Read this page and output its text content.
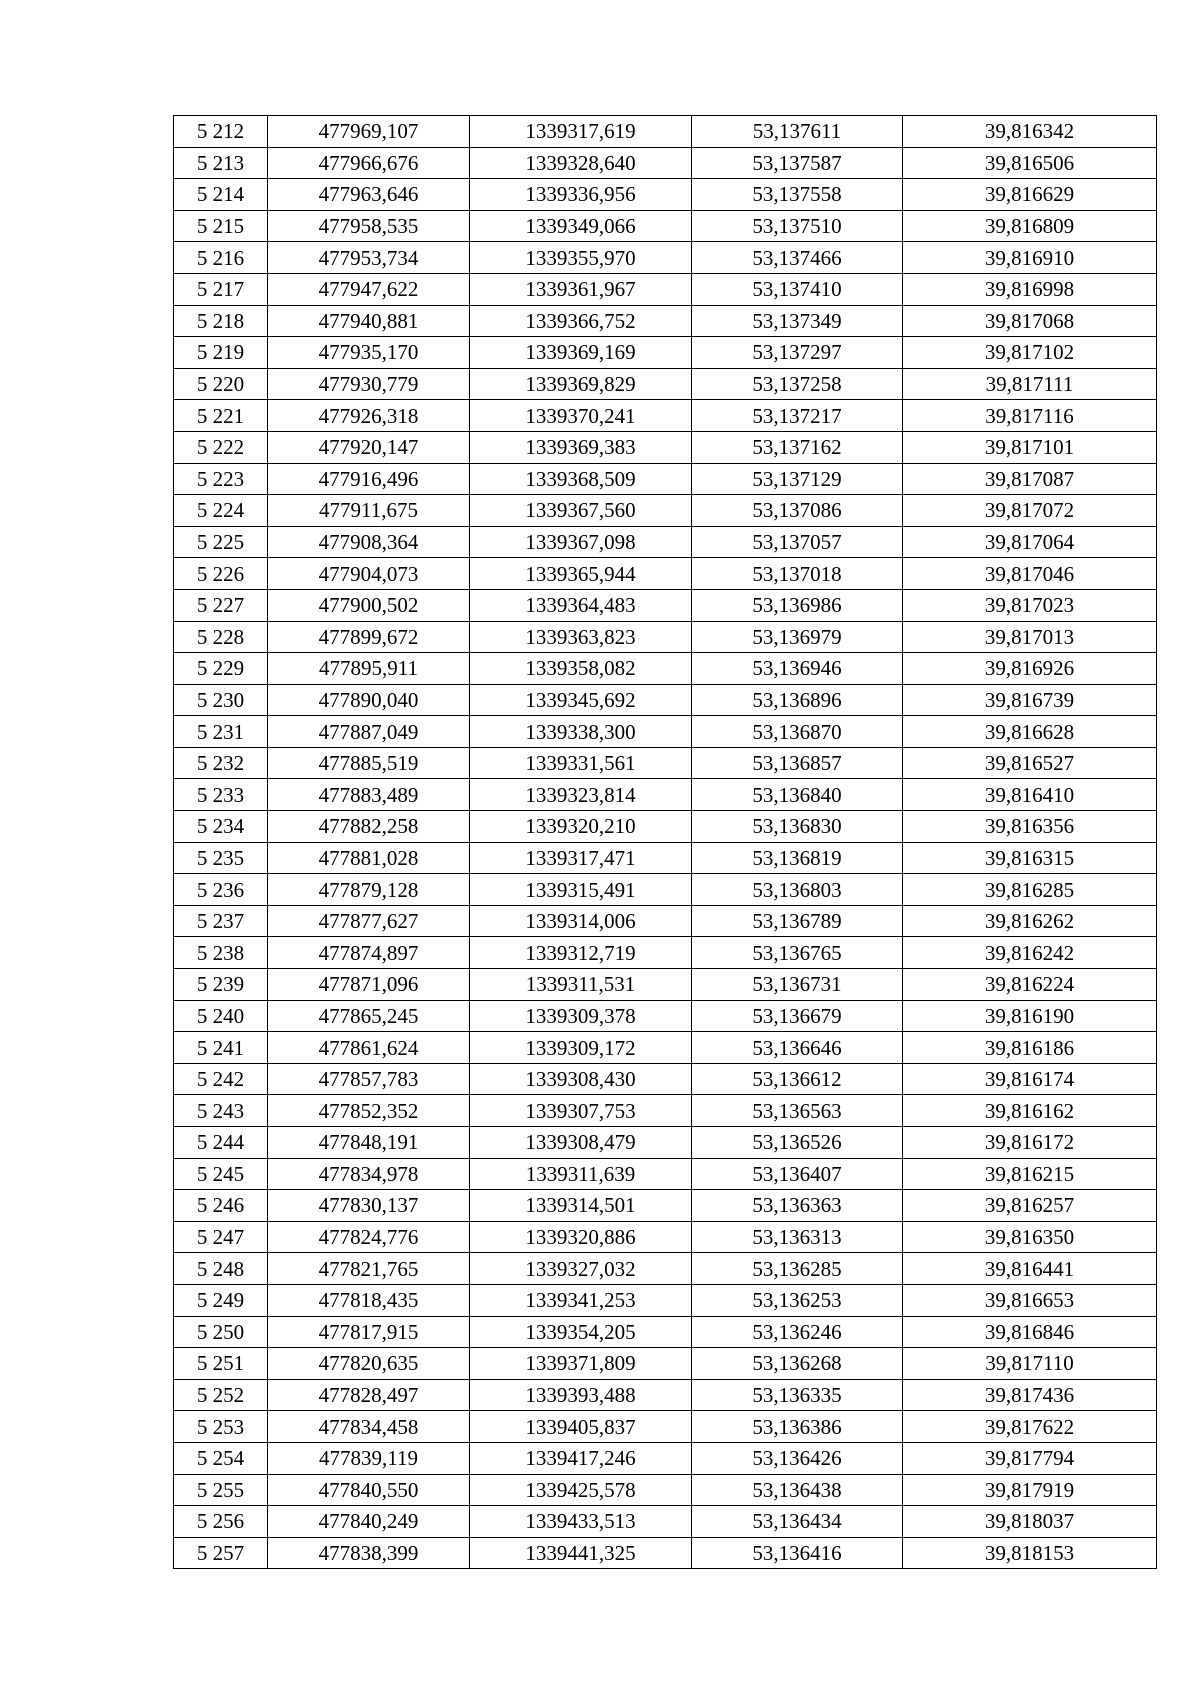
5 212	477969,107	1339317,619	53,137611	39,816342
5 213	477966,676	1339328,640	53,137587	39,816506
5 214	477963,646	1339336,956	53,137558	39,816629
5 215	477958,535	1339349,066	53,137510	39,816809
5 216	477953,734	1339355,970	53,137466	39,816910
5 217	477947,622	1339361,967	53,137410	39,816998
5 218	477940,881	1339366,752	53,137349	39,817068
5 219	477935,170	1339369,169	53,137297	39,817102
5 220	477930,779	1339369,829	53,137258	39,817111
5 221	477926,318	1339370,241	53,137217	39,817116
5 222	477920,147	1339369,383	53,137162	39,817101
5 223	477916,496	1339368,509	53,137129	39,817087
5 224	477911,675	1339367,560	53,137086	39,817072
5 225	477908,364	1339367,098	53,137057	39,817064
5 226	477904,073	1339365,944	53,137018	39,817046
5 227	477900,502	1339364,483	53,136986	39,817023
5 228	477899,672	1339363,823	53,136979	39,817013
5 229	477895,911	1339358,082	53,136946	39,816926
5 230	477890,040	1339345,692	53,136896	39,816739
5 231	477887,049	1339338,300	53,136870	39,816628
5 232	477885,519	1339331,561	53,136857	39,816527
5 233	477883,489	1339323,814	53,136840	39,816410
5 234	477882,258	1339320,210	53,136830	39,816356
5 235	477881,028	1339317,471	53,136819	39,816315
5 236	477879,128	1339315,491	53,136803	39,816285
5 237	477877,627	1339314,006	53,136789	39,816262
5 238	477874,897	1339312,719	53,136765	39,816242
5 239	477871,096	1339311,531	53,136731	39,816224
5 240	477865,245	1339309,378	53,136679	39,816190
5 241	477861,624	1339309,172	53,136646	39,816186
5 242	477857,783	1339308,430	53,136612	39,816174
5 243	477852,352	1339307,753	53,136563	39,816162
5 244	477848,191	1339308,479	53,136526	39,816172
5 245	477834,978	1339311,639	53,136407	39,816215
5 246	477830,137	1339314,501	53,136363	39,816257
5 247	477824,776	1339320,886	53,136313	39,816350
5 248	477821,765	1339327,032	53,136285	39,816441
5 249	477818,435	1339341,253	53,136253	39,816653
5 250	477817,915	1339354,205	53,136246	39,816846
5 251	477820,635	1339371,809	53,136268	39,817110
5 252	477828,497	1339393,488	53,136335	39,817436
5 253	477834,458	1339405,837	53,136386	39,817622
5 254	477839,119	1339417,246	53,136426	39,817794
5 255	477840,550	1339425,578	53,136438	39,817919
5 256	477840,249	1339433,513	53,136434	39,818037
5 257	477838,399	1339441,325	53,136416	39,818153
